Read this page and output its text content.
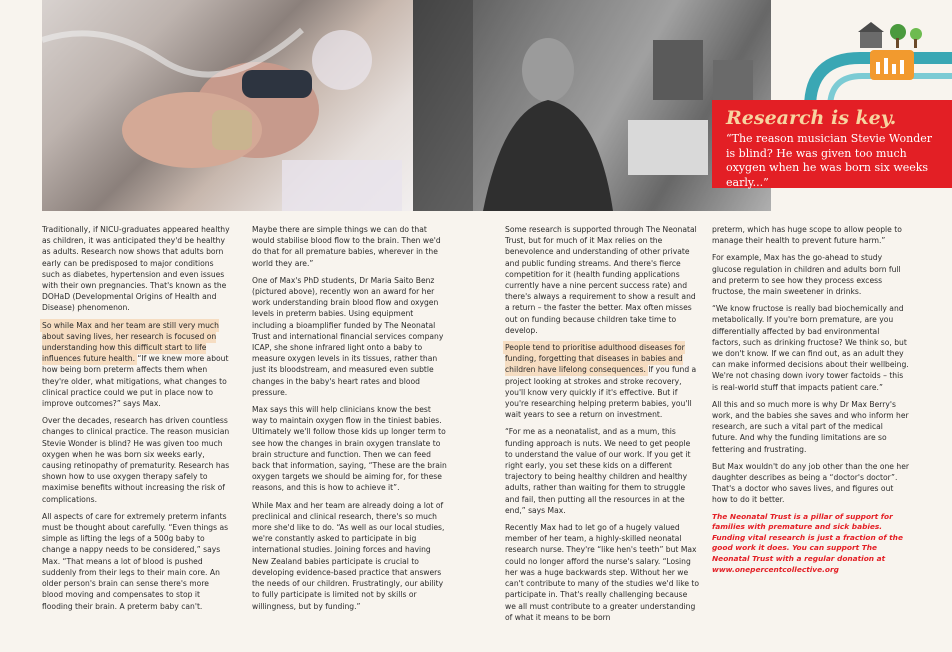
Research is key.

“The reason musician Stevie Wonder is blind? He was given too much oxygen when he was born six weeks early...”

Traditionally, if NICU-graduates appeared healthy as children, it was anticipated they'd be healthy as adults. Research now shows that adults born early can be predisposed to major conditions such as diabetes, hypertension and even issues with their own pregnancies. That's known as the DOHaD (Developmental Origins of Health and Disease) phenomenon.

So while Max and her team are still very much about saving lives, her research is focused on understanding how this difficult start to life influences future health. “If we knew more about how being born preterm affects them when they're older, what mitigations, what changes to clinical practice could we put in place now to improve outcomes?” says Max.

Over the decades, research has driven countless changes to clinical practice. The reason musician Stevie Wonder is blind? He was given too much oxygen when he was born six weeks early, causing retinopathy of prematurity. Research has shown how to use oxygen therapy safely to maximise benefits without increasing the risk of complications.

All aspects of care for extremely preterm infants must be thought about carefully. “Even things as simple as lifting the legs of a 500g baby to change a nappy needs to be considered,” says Max. “That means a lot of blood is pushed suddenly from their legs to their main core. An older person's brain can sense there's more blood moving and compensates to stop it flooding their brain. A preterm baby can't.

Maybe there are simple things we can do that would stabilise blood flow to the brain. Then we'd do that for all premature babies, wherever in the world they are.”

One of Max's PhD students, Dr Maria Saito Benz (pictured above), recently won an award for her work understanding brain blood flow and oxygen levels in preterm babies. Using equipment including a bioamplifier funded by The Neonatal Trust and international financial services company ICAP, she shone infrared light onto a baby to measure oxygen levels in its tissues, rather than just its bloodstream, and measured even subtle changes in the baby's heart rates and blood pressure.

Max says this will help clinicians know the best way to maintain oxygen flow in the tiniest babies. Ultimately we'll follow those kids up longer term to see how the changes in brain oxygen translate to brain structure and function. Then we can feed back that information, saying, “These are the brain oxygen targets we should be aiming for, for these reasons, and this is how to achieve it”.

While Max and her team are already doing a lot of preclinical and clinical research, there's so much more she'd like to do. “As well as our local studies, we're constantly asked to participate in big international studies. Joining forces and having New Zealand babies participate is crucial to developing evidence-based practice that answers the needs of our children. Frustratingly, our ability to fully participate is limited not by skills or willingness, but by funding.”

Some research is supported through The Neonatal Trust, but for much of it Max relies on the benevolence and understanding of other private and public funding streams. And there's fierce competition for it (health funding applications currently have a nine percent success rate) and there's always a requirement to show a result and a return – the faster the better. Max often misses out on funding because children take time to develop.

People tend to prioritise adulthood diseases for funding, forgetting that diseases in babies and children have lifelong consequences. If you fund a project looking at strokes and stroke recovery, you'll know very quickly if it's effective. But if you're researching helping preterm babies, you'll wait years to see a return on investment.

“For me as a neonatalist, and as a mum, this funding approach is nuts. We need to get people to understand the value of our work. If you get it right early, you set these kids on a different trajectory to being healthy children and healthy adults, rather than waiting for them to struggle and fail, then putting all the resources in at the end,” says Max.

Recently Max had to let go of a hugely valued member of her team, a highly-skilled neonatal research nurse. They're “like hen's teeth” but Max could no longer afford the nurse's salary. “Losing her was a huge backwards step. Without her we can't contribute to many of the studies we'd like to participate in. That's really challenging because we all must contribute to a greater understanding of what it means to be born

preterm, which has huge scope to allow people to manage their health to prevent future harm.”

For example, Max has the go-ahead to study glucose regulation in children and adults born full and preterm to see how they process excess fructose, the main sweetener in drinks.

“We know fructose is really bad biochemically and metabolically. If you're born premature, are you differentially affected by bad environmental factors, such as drinking fructose? We think so, but we don't know. If we can find out, as an adult they can make informed decisions about their wellbeing. We're not chasing down ivory tower factoids – this is real-world stuff that impacts patient care.”

All this and so much more is why Dr Max Berry's work, and the babies she saves and who inform her research, are such a vital part of the medical future. And why the funding limitations are so fettering and frustrating.

But Max wouldn't do any job other than the one her daughter describes as being a “doctor's doctor”. That's a doctor who saves lives, and figures out how to do it better.

The Neonatal Trust is a pillar of support for families with premature and sick babies. Funding vital research is just a fraction of the good work it does. You can support The Neonatal Trust with a regular donation at www.onepercentcollective.org
